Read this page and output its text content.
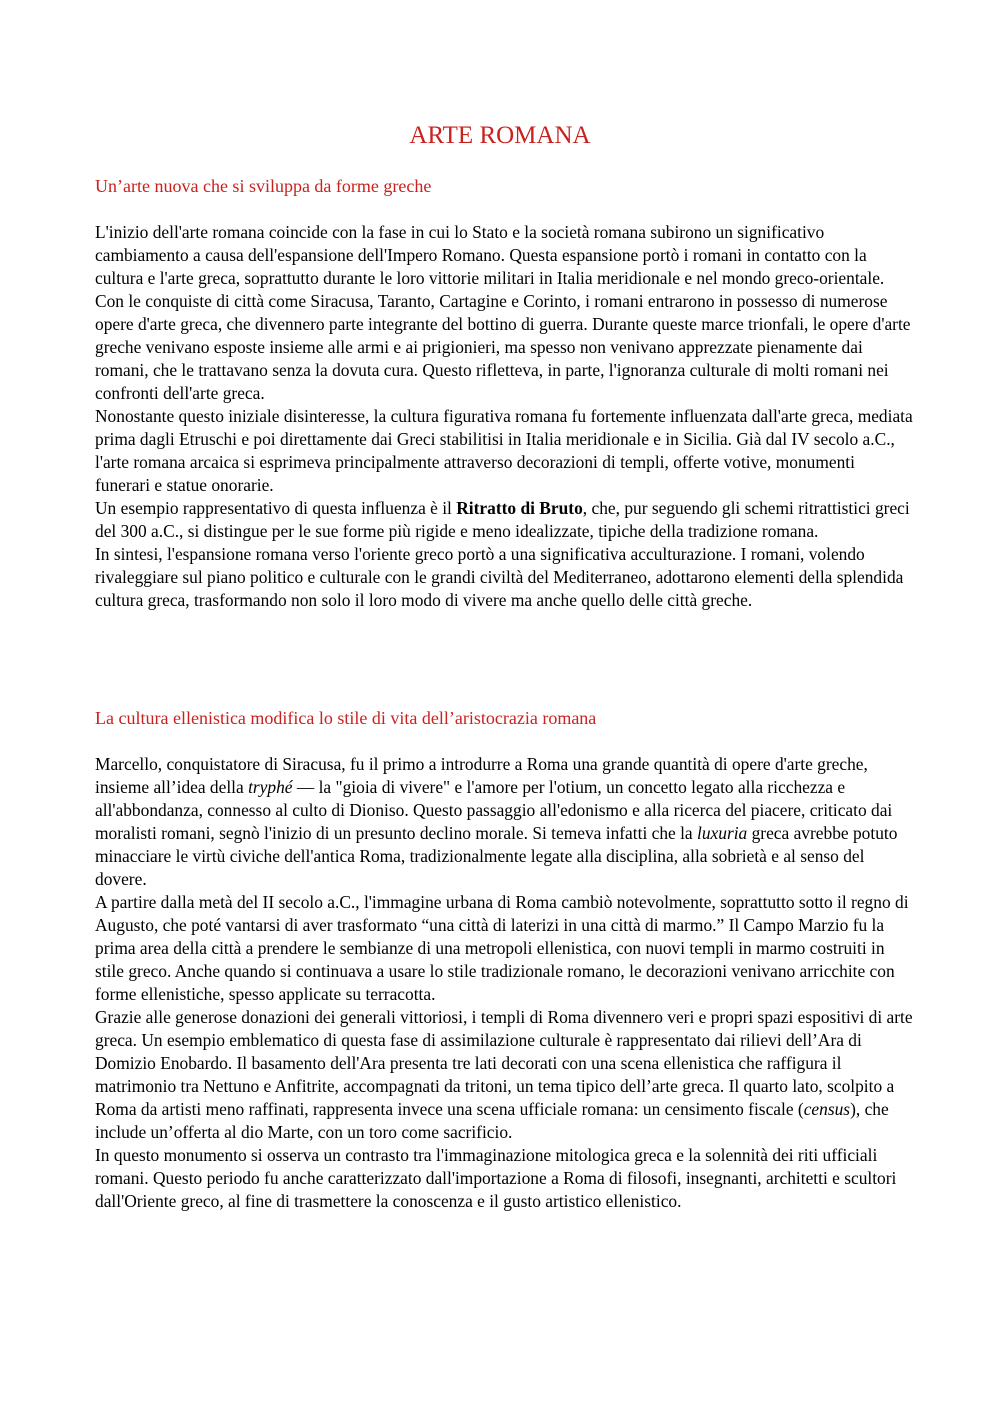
ARTE ROMANA
Un’arte nuova che si sviluppa da forme greche

L'inizio dell'arte romana coincide con la fase in cui lo Stato e la società romana subirono un significativo cambiamento a causa dell'espansione dell'Impero Romano. Questa espansione portò i romani in contatto con la cultura e l'arte greca, soprattutto durante le loro vittorie militari in Italia meridionale e nel mondo greco-orientale. Con le conquiste di città come Siracusa, Taranto, Cartagine e Corinto, i romani entrarono in possesso di numerose opere d'arte greca, che divennero parte integrante del bottino di guerra. Durante queste marce trionfali, le opere d'arte greche venivano esposte insieme alle armi e ai prigionieri, ma spesso non venivano apprezzate pienamente dai romani, che le trattavano senza la dovuta cura. Questo rifletteva, in parte, l'ignoranza culturale di molti romani nei confronti dell'arte greca.

Nonostante questo iniziale disinteresse, la cultura figurativa romana fu fortemente influenzata dall'arte greca, mediata prima dagli Etruschi e poi direttamente dai Greci stabilitisi in Italia meridionale e in Sicilia. Già dal IV secolo a.C., l'arte romana arcaica si esprimeva principalmente attraverso decorazioni di templi, offerte votive, monumenti funerari e statue onorarie.

Un esempio rappresentativo di questa influenza è il Ritratto di Bruto, che, pur seguendo gli schemi ritrattistici greci del 300 a.C., si distingue per le sue forme più rigide e meno idealizzate, tipiche della tradizione romana.

In sintesi, l'espansione romana verso l'oriente greco portò a una significativa acculturazione. I romani, volendo rivaleggiare sul piano politico e culturale con le grandi civiltà del Mediterraneo, adottarono elementi della splendida cultura greca, trasformando non solo il loro modo di vivere ma anche quello delle città greche.

La cultura ellenistica modifica lo stile di vita dell’aristocrazia romana

Marcello, conquistatore di Siracusa, fu il primo a introdurre a Roma una grande quantità di opere d'arte greche, insieme all’idea della tryphé — la "gioia di vivere" e l'amore per l'otium, un concetto legato alla ricchezza e all'abbondanza, connesso al culto di Dioniso. Questo passaggio all'edonismo e alla ricerca del piacere, criticato dai moralisti romani, segnò l'inizio di un presunto declino morale. Si temeva infatti che la luxuria greca avrebbe potuto minacciare le virtù civiche dell'antica Roma, tradizionalmente legate alla disciplina, alla sobrietà e al senso del dovere.

A partire dalla metà del II secolo a.C., l'immagine urbana di Roma cambiò notevolmente, soprattutto sotto il regno di Augusto, che poté vantarsi di aver trasformato “una città di laterizi in una città di marmo.” Il Campo Marzio fu la prima area della città a prendere le sembianze di una metropoli ellenistica, con nuovi templi in marmo costruiti in stile greco. Anche quando si continuava a usare lo stile tradizionale romano, le decorazioni venivano arricchite con forme ellenistiche, spesso applicate su terracotta.

Grazie alle generose donazioni dei generali vittoriosi, i templi di Roma divennero veri e propri spazi espositivi di arte greca. Un esempio emblematico di questa fase di assimilazione culturale è rappresentato dai rilievi dell’Ara di Domizio Enobardo. Il basamento dell'Ara presenta tre lati decorati con una scena ellenistica che raffigura il matrimonio tra Nettuno e Anfitrite, accompagnati da tritoni, un tema tipico dell’arte greca. Il quarto lato, scolpito a Roma da artisti meno raffinati, rappresenta invece una scena ufficiale romana: un censimento fiscale (census), che include un’offerta al dio Marte, con un toro come sacrificio.

In questo monumento si osserva un contrasto tra l'immaginazione mitologica greca e la solennità dei riti ufficiali romani. Questo periodo fu anche caratterizzato dall'importazione a Roma di filosofi, insegnanti, architetti e scultori dall'Oriente greco, al fine di trasmettere la conoscenza e il gusto artistico ellenistico.
